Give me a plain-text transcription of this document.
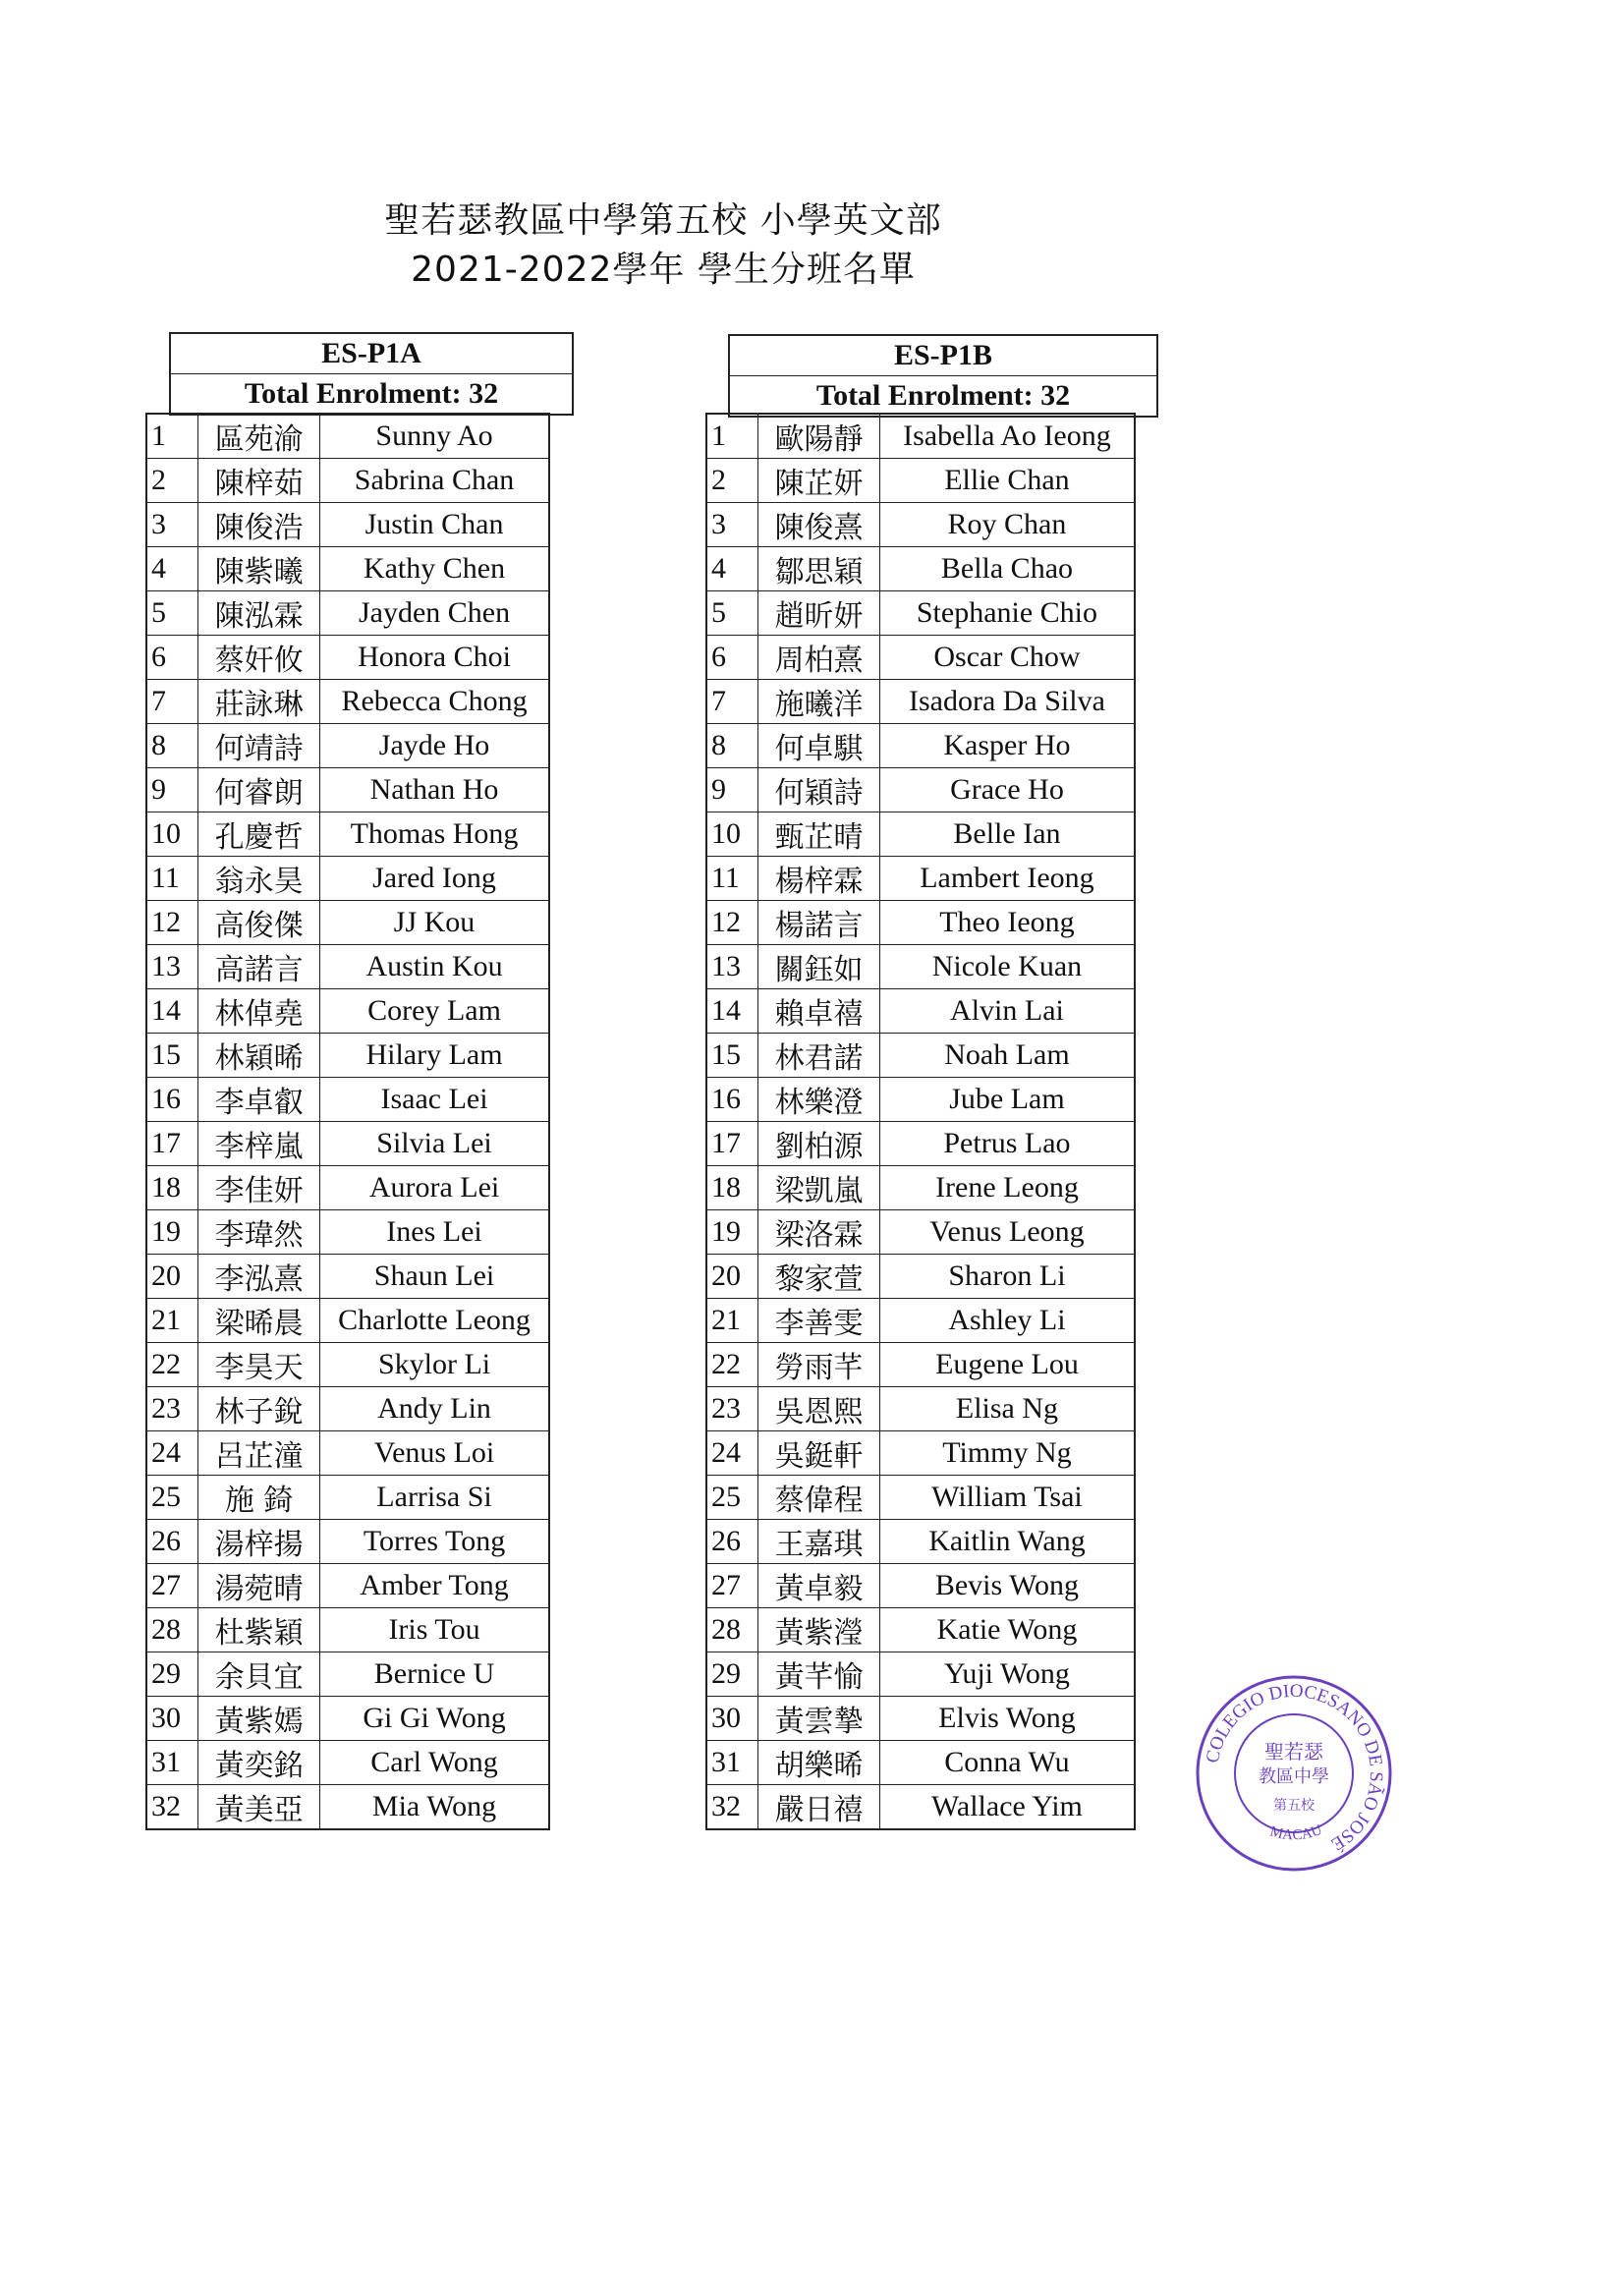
聖若瑟教區中學第五校 小學英文部
2021-2022學年 學生分班名單
ES-P1A
Total Enrolment: 32
1	區苑渝	Sunny Ao
2	陳梓茹	Sabrina Chan
3	陳俊浩	Justin Chan
4	陳紫曦	Kathy Chen
5	陳泓霖	Jayden Chen
6	蔡奸攸	Honora Choi
7	莊詠琳	Rebecca Chong
8	何靖詩	Jayde Ho
9	何睿朗	Nathan Ho
10	孔慶哲	Thomas Hong
11	翁永昊	Jared Iong
12	高俊傑	JJ Kou
13	高諾言	Austin Kou
14	林倬堯	Corey Lam
15	林穎晞	Hilary Lam
16	李卓叡	Isaac Lei
17	李梓嵐	Silvia Lei
18	李佳妍	Aurora Lei
19	李瑋然	Ines Lei
20	李泓熹	Shaun Lei
21	梁晞晨	Charlotte Leong
22	李昊天	Skylor Li
23	林子銳	Andy Lin
24	呂芷潼	Venus Loi
25	施 錡	Larrisa Si
26	湯梓揚	Torres Tong
27	湯菀晴	Amber Tong
28	杜紫穎	Iris Tou
29	余貝宜	Bernice U
30	黃紫嫣	Gi Gi Wong
31	黃奕銘	Carl Wong
32	黃美亞	Mia Wong
ES-P1B
Total Enrolment: 32
1	歐陽靜	Isabella Ao Ieong
2	陳芷妍	Ellie Chan
3	陳俊熹	Roy Chan
4	鄒思穎	Bella Chao
5	趙昕妍	Stephanie Chio
6	周柏熹	Oscar Chow
7	施曦洋	Isadora Da Silva
8	何卓騏	Kasper Ho
9	何穎詩	Grace Ho
10	甄芷晴	Belle Ian
11	楊梓霖	Lambert Ieong
12	楊諾言	Theo Ieong
13	關鈺如	Nicole Kuan
14	賴卓禧	Alvin Lai
15	林君諾	Noah Lam
16	林樂澄	Jube Lam
17	劉柏源	Petrus Lao
18	梁凱嵐	Irene Leong
19	梁洛霖	Venus Leong
20	黎家萱	Sharon Li
21	李善雯	Ashley Li
22	勞雨芊	Eugene Lou
23	吳恩熙	Elisa Ng
24	吳鋌軒	Timmy Ng
25	蔡偉程	William Tsai
26	王嘉琪	Kaitlin Wang
27	黃卓毅	Bevis Wong
28	黃紫瀅	Katie Wong
29	黃芊愉	Yuji Wong
30	黃雲摯	Elvis Wong
31	胡樂晞	Conna Wu
32	嚴日禧	Wallace Yim
COLEGIO DIOCESANO DE SÃO JOSÉ
MACAU
聖若瑟
教區中學
第五校
